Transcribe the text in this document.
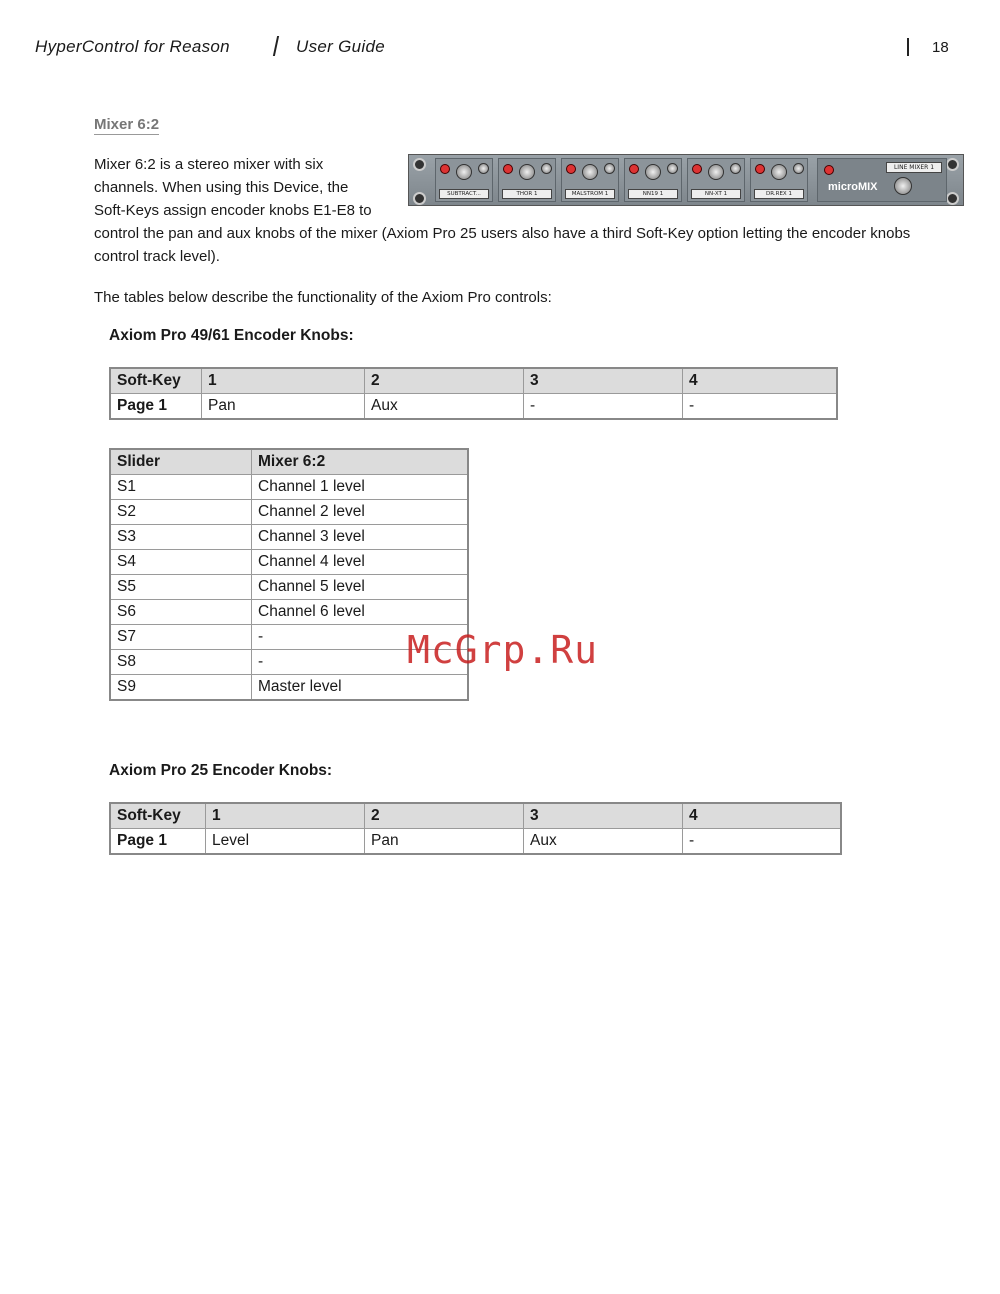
HyperControl for Reason	User Guide	18
Mixer 6:2
Mixer 6:2 is a stereo mixer with six
channels. When using this Device, the
Soft-Keys assign encoder knobs E1-E8 to
control the pan and aux knobs of the mixer (Axiom Pro 25 users also have a third Soft-Key option letting the encoder knobs
control track level).
SUBTRACT...	THOR 1	MALSTROM 1	NN19 1	NN-XT 1	DR.REX 1
LINE MIXER 1
microMIX
The tables below describe the functionality of the Axiom Pro controls:
Axiom Pro 49/61 Encoder Knobs:
Soft-Key	1	2	3	4
Page 1	Pan	Aux	-	-
Slider	Mixer 6:2
S1	Channel 1 level
S2	Channel 2 level
S3	Channel 3 level
S4	Channel 4 level
S5	Channel 5 level
S6	Channel 6 level
S7	-
S8	-
S9	Master level
Axiom Pro 25 Encoder Knobs:
Soft-Key	1	2	3	4
Page 1	Level	Pan	Aux	-
McGrp.Ru
